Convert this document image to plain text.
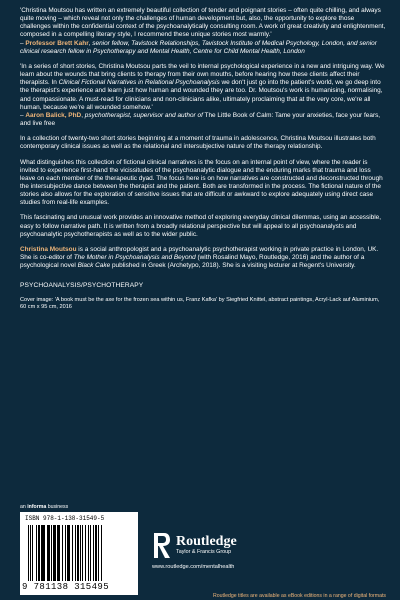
'Christina Moutsou has written an extremely beautiful collection of tender and poignant stories – often quite chilling, and always quite moving – which reveal not only the challenges of human development but, also, the opportunity to explore those challenges within the confidential context of the psychoanalytically consulting room. A work of great creativity and enlightenment, composed in a compelling literary style, I recommend these unique stories most warmly.'

– Professor Brett Kahr, senior fellow, Tavistock Relationships, Tavistock Institute of Medical Psychology, London, and senior clinical research fellow in Psychotherapy and Mental Health, Centre for Child Mental Health, London

'In a series of short stories, Christina Moutsou parts the veil to internal psychological experience in a new and intriguing way. We learn about the wounds that bring clients to therapy from their own mouths, before hearing how these clients affect their therapists. In Clinical Fictional Narratives in Relational Psychoanalysis we don't just go into the patient's world, we go deep into the therapist's experience and learn just how human and wounded they are too. Dr. Moutsou's work is humanising, normalising, and compassionate. A must-read for clinicians and non-clinicians alike, ultimately proclaiming that at the very core, we're all human, because we're all wounded somehow.'

– Aaron Balick, PhD, psychotherapist, supervisor and author of The Little Book of Calm: Tame your anxieties, face your fears, and live free

In a collection of twenty-two short stories beginning at a moment of trauma in adolescence, Christina Moutsou illustrates both contemporary clinical issues as well as the relational and intersubjective nature of the therapy relationship.

What distinguishes this collection of fictional clinical narratives is the focus on an internal point of view, where the reader is invited to experience first-hand the vicissitudes of the psychoanalytic dialogue and the enduring marks that trauma and loss leave on each member of the therapeutic dyad. The focus here is on how narratives are constructed and deconstructed through the intersubjective dance between the therapist and the patient. Both are transformed in the process. The fictional nature of the stories also allows for the exploration of sensitive issues that are difficult or awkward to explore adequately using direct case studies from real-life examples.

This fascinating and unusual work provides an innovative method of exploring everyday clinical dilemmas, using an accessible, easy to follow narrative path. It is written from a broadly relational perspective but will appeal to all psychoanalysts and psychoanalytic psychotherapists as well as to the wider public.

Christina Moutsou is a social anthropologist and a psychoanalytic psychotherapist working in private practice in London, UK. She is co-editor of The Mother in Psychoanalysis and Beyond (with Rosalind Mayo, Routledge, 2016) and the author of a psychological novel Black Cake published in Greek (Archetypo, 2018). She is a visiting lecturer at Regent's University.

PSYCHOANALYSIS/PSYCHOTHERAPY

Cover image: 'A book must be the axe for the frozen sea within us, Franz Kafka' by Siegfried Knittel, abstract paintings, Acryl-Lack auf Aluminium, 60 cm x 95 cm, 2016

an informa business
ISBN 978-1-138-31549-5
9 781138 315495
Routledge
Taylor & Francis Group
www.routledge.com/mentalhealth
Routledge titles are available as eBook editions in a range of digital formats
